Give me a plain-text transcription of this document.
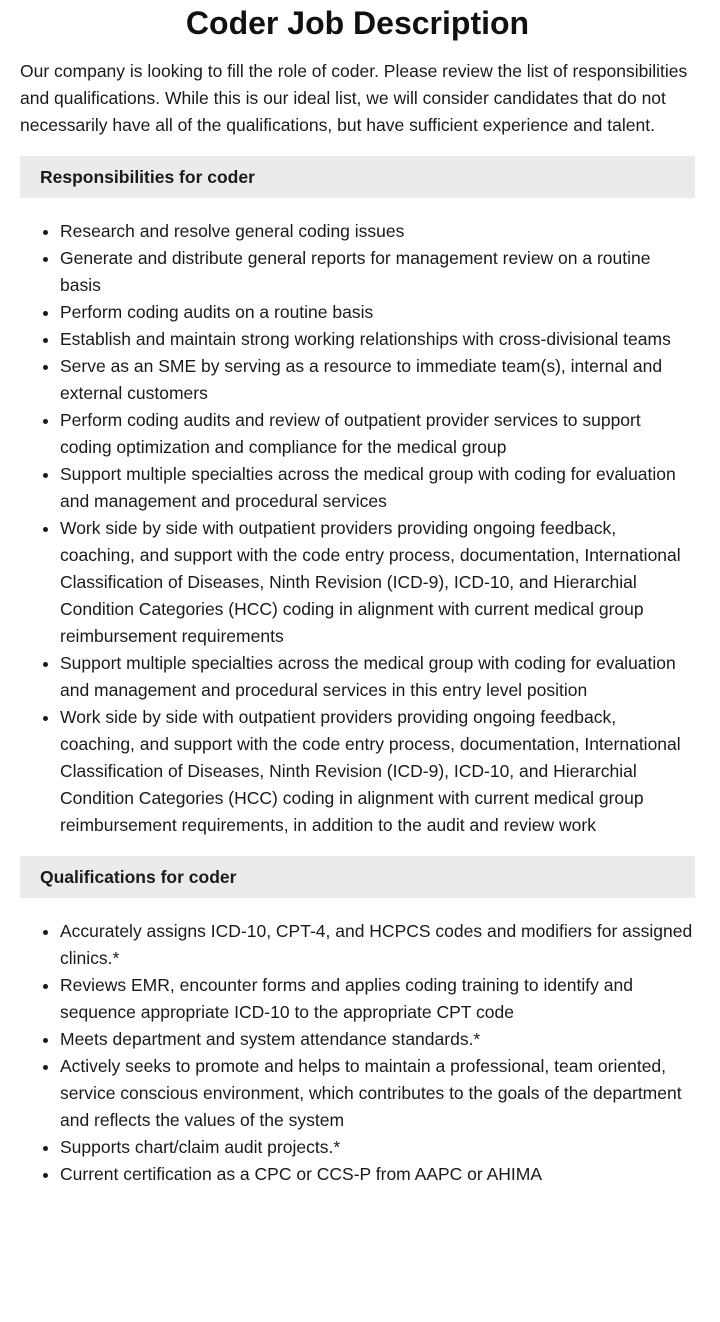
Coder Job Description

Our company is looking to fill the role of coder. Please review the list of responsibilities and qualifications. While this is our ideal list, we will consider candidates that do not necessarily have all of the qualifications, but have sufficient experience and talent.

Responsibilities for coder
• Research and resolve general coding issues
• Generate and distribute general reports for management review on a routine basis
• Perform coding audits on a routine basis
• Establish and maintain strong working relationships with cross-divisional teams
• Serve as an SME by serving as a resource to immediate team(s), internal and external customers
• Perform coding audits and review of outpatient provider services to support coding optimization and compliance for the medical group
• Support multiple specialties across the medical group with coding for evaluation and management and procedural services
• Work side by side with outpatient providers providing ongoing feedback, coaching, and support with the code entry process, documentation, International Classification of Diseases, Ninth Revision (ICD-9), ICD-10, and Hierarchial Condition Categories (HCC) coding in alignment with current medical group reimbursement requirements
• Support multiple specialties across the medical group with coding for evaluation and management and procedural services in this entry level position
• Work side by side with outpatient providers providing ongoing feedback, coaching, and support with the code entry process, documentation, International Classification of Diseases, Ninth Revision (ICD-9), ICD-10, and Hierarchial Condition Categories (HCC) coding in alignment with current medical group reimbursement requirements, in addition to the audit and review work
Qualifications for coder
• Accurately assigns ICD-10, CPT-4, and HCPCS codes and modifiers for assigned clinics.*
• Reviews EMR, encounter forms and applies coding training to identify and sequence appropriate ICD-10 to the appropriate CPT code
• Meets department and system attendance standards.*
• Actively seeks to promote and helps to maintain a professional, team oriented, service conscious environment, which contributes to the goals of the department and reflects the values of the system
• Supports chart/claim audit projects.*
• Current certification as a CPC or CCS-P from AAPC or AHIMA
